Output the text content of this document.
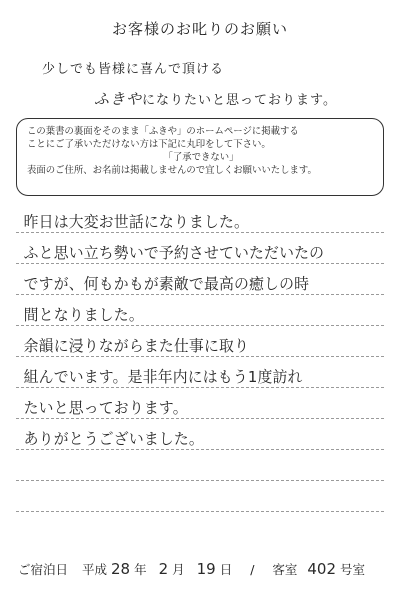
お客様のお叱りのお願い
少しでも皆様に喜んで頂ける
ふきやになりたいと思っております。
この葉書の裏面をそのまま「ふきや」のホームページに掲載する
ことにご了承いただけない方は下記に丸印をして下さい。

「了承できない」
表面のご住所、お名前は掲載しませんので宜しくお願いいたします。
昨日は大変お世話になりました。
ふと思い立ち勢いで予約させていただいたの
ですが、何もかもが素敵で最高の癒しの時
間となりました。
余韻に浸りながらまた仕事に取り
組んでいます。是非年内にはもう1度訪れ
たいと思っております。
ありがとうございました。
ご宿泊日 平成 28 年 2 月 19 日 / 客室 402 号室
